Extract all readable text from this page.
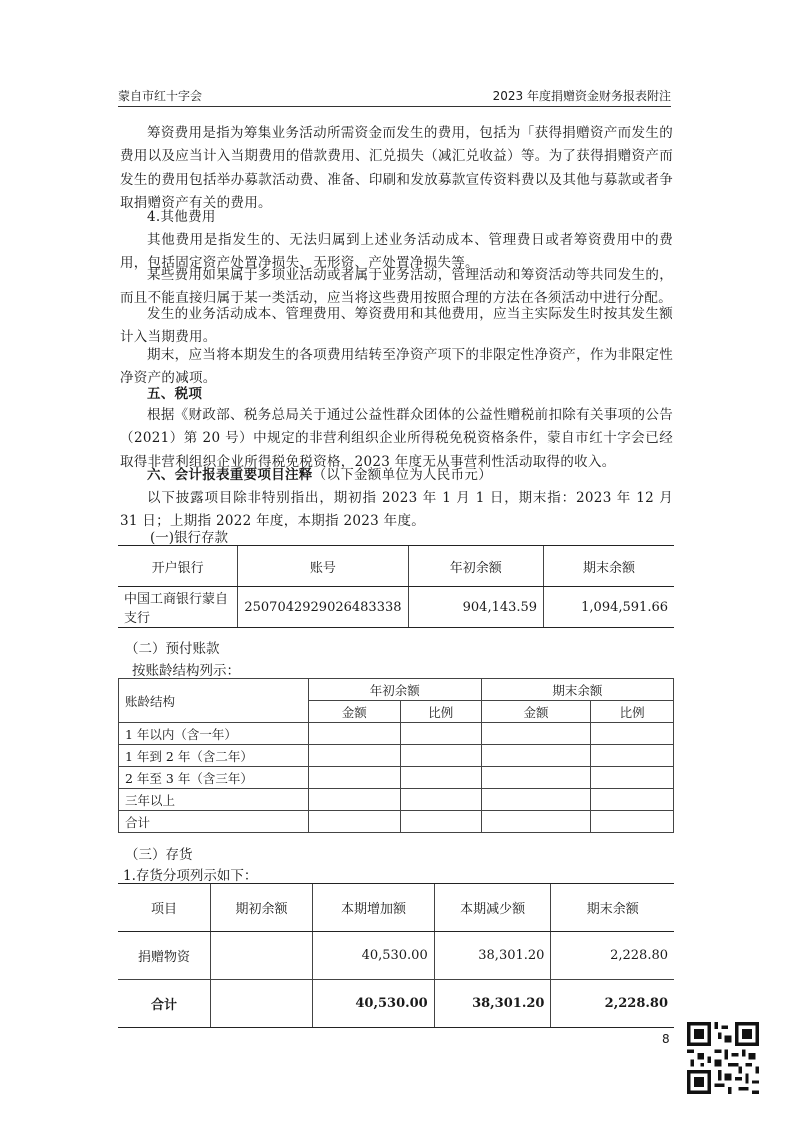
蒙自市红十字会	2023 年度捐赠资金财务报表附注

筹资费用是指为筹集业务活动所需资金而发生的费用，包括为「获得捐赠资产而发生的费用以及应当计入当期费用的借款费用、汇兑损失（减汇兑收益）等。为了获得捐赠资产而发生的费用包括举办募款活动费、准备、印刷和发放募款宣传资料费以及其他与募款或者争取捐赠资产有关的费用。

4.其他费用

其他费用是指发生的、无法归属到上述业务活动成本、管理费日或者筹资费用中的费用，包括固定资产处置净损失、无形资、产处置净损失等。

某些费用如果属于多项业活动或者属于业务活动，管理活动和筹资活动等共同发生的，而且不能直接归属于某一类活动，应当将这些费用按照合理的方法在各须活动中进行分配。

发生的业务活动成本、管理费用、筹资费用和其他费用，应当主实际发生时按其发生额计入当期费用。

期末，应当将本期发生的各项费用结转至净资产项下的非限定性净资产，作为非限定性净资产的减项。

五、税项

根据《财政部、税务总局关于通过公益性群众团体的公益性赠税前扣除有关事项的公告（2021）第 20 号）中规定的非营利组织企业所得税免税资格条件，蒙自市红十字会已经取得非营利组织企业所得税免税资格，2023 年度无从事营利性活动取得的收入。

六、会计报表重要项目注释（以下金额单位为人民币元）

以下披露项目除非特别指出，期初指 2023 年 1 月 1 日，期末指：2023 年 12 月 31 日；上期指 2022 年度，本期指 2023 年度。

(一)银行存款

开户银行	账号	年初余额	期末余额
中国工商银行蒙自支行	2507042929026483338	904,143.59	1,094,591.66

（二）预付账款

按账龄结构列示：

账龄结构	年初余额		期末余额	
	金额	比例	金额	比例
1 年以内（含一年）				
1 年到 2 年（含二年）				
2 年至 3 年（含三年）				
三年以上				
合计				

（三）存货

1.存货分项列示如下：

项目	期初余额	本期增加额	本期减少额	期末余额
捐赠物资		40,530.00	38,301.20	2,228.80
合计		40,530.00	38,301.20	2,228.80
8
